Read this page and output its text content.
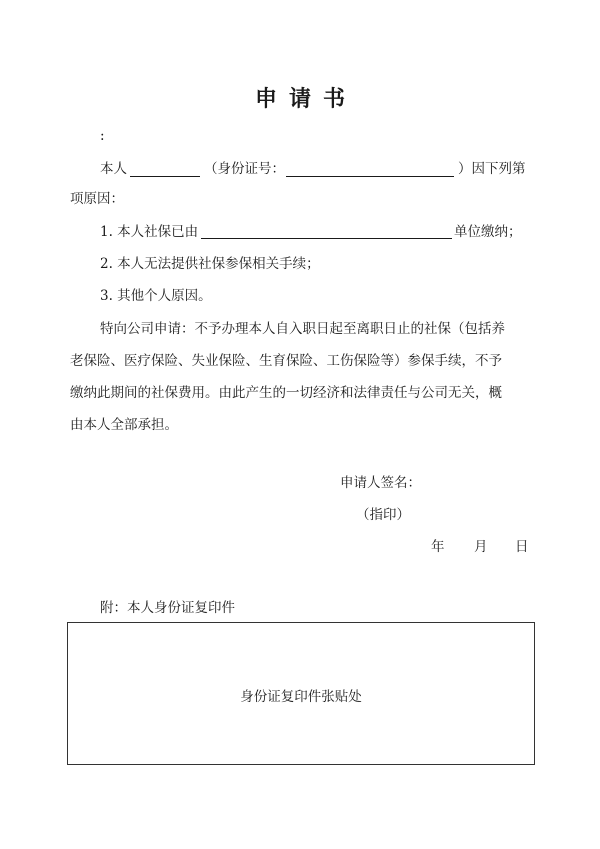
申请书
:
本人	（身份证号：	）因下列第
项原因：
1. 本人社保已由	单位缴纳；
2. 本人无法提供社保参保相关手续；
3. 其他个人原因。
特向公司申请：不予办理本人自入职日起至离职日止的社保（包括养
老保险、医疗保险、失业保险、生育保险、工伤保险等）参保手续，不予
缴纳此期间的社保费用。由此产生的一切经济和法律责任与公司无关，概
由本人全部承担。
申请人签名：
（指印）
年 月 日
附：本人身份证复印件
身份证复印件张贴处
